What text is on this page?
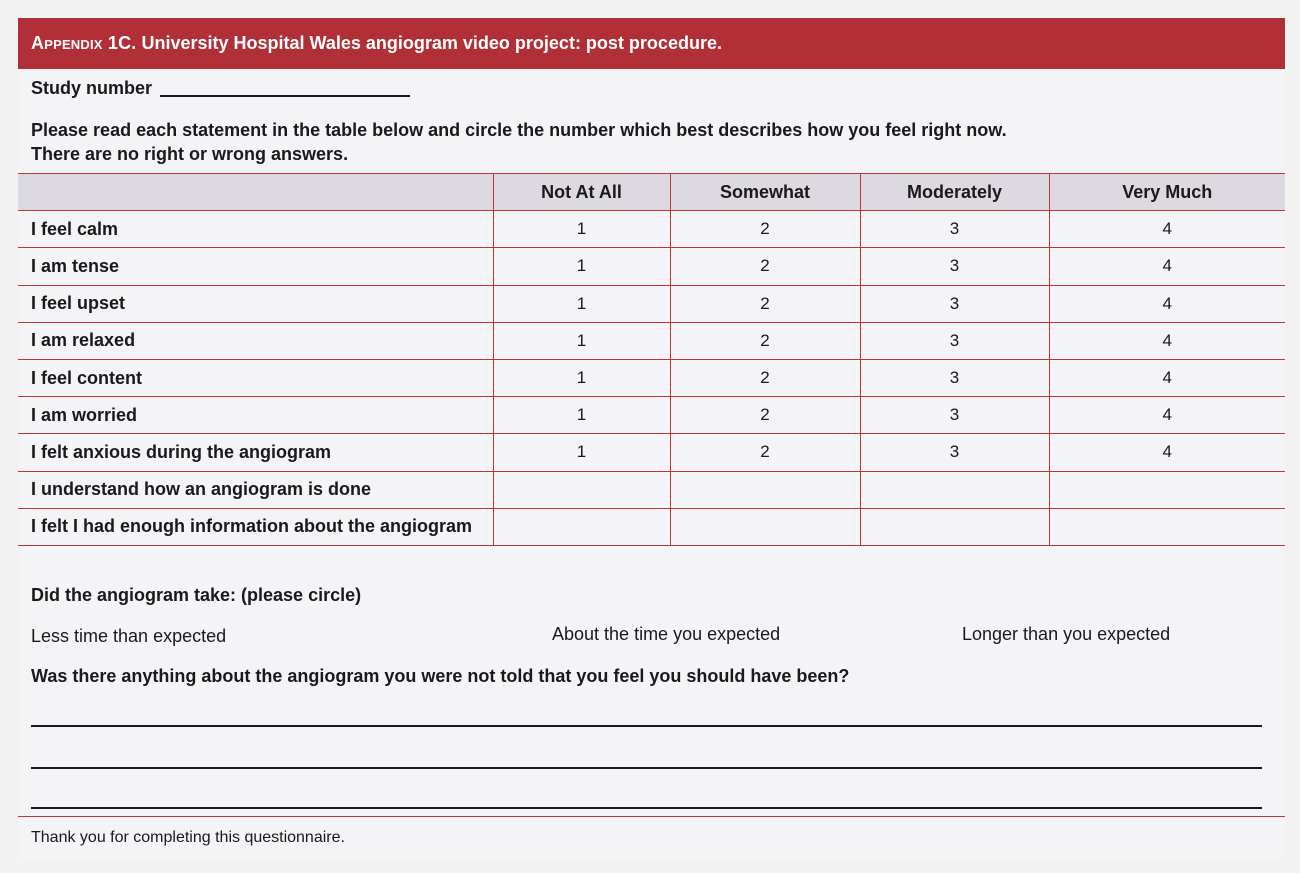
Appendix 1C. University Hospital Wales angiogram video project: post procedure.
Study number
Please read each statement in the table below and circle the number which best describes how you feel right now.
There are no right or wrong answers.
	Not At All	Somewhat	Moderately	Very Much
I feel calm	1	2	3	4
I am tense	1	2	3	4
I feel upset	1	2	3	4
I am relaxed	1	2	3	4
I feel content	1	2	3	4
I am worried	1	2	3	4
I felt anxious during the angiogram	1	2	3	4
I understand how an angiogram is done				
I felt I had enough information about the angiogram				
Did the angiogram take: (please circle)
Less time than expected	About the time you expected	Longer than you expected
Was there anything about the angiogram you were not told that you feel you should have been?
Thank you for completing this questionnaire.
